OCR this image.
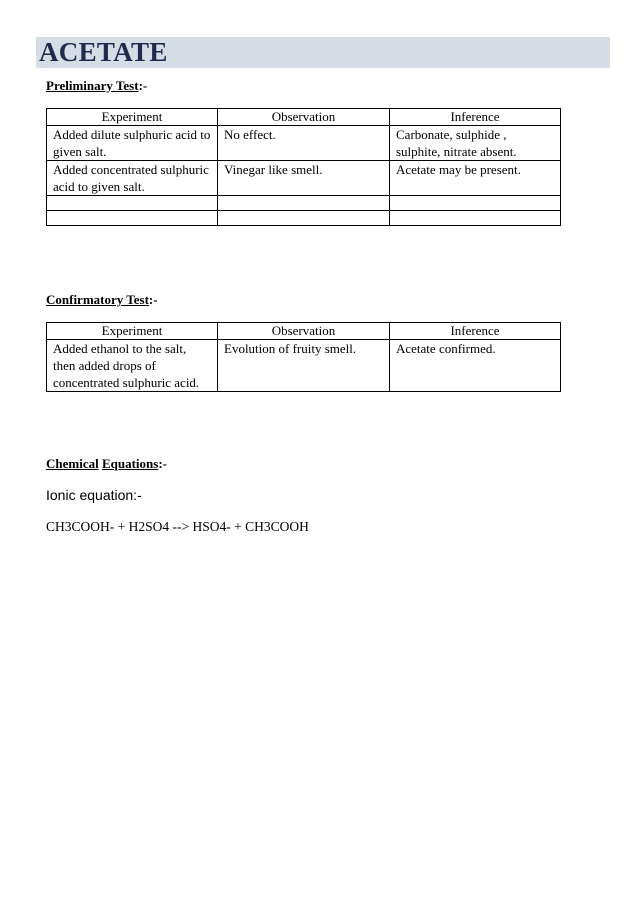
ACETATE
Preliminary Test:-
Experiment	Observation	Inference
Added dilute sulphuric acid to given salt.	No effect.	Carbonate, sulphide , sulphite, nitrate absent.
Added concentrated sulphuric acid to given salt.	Vinegar like smell.	Acetate may be present.

Confirmatory Test:-
Experiment	Observation	Inference
Added ethanol to the salt, then added drops of concentrated sulphuric acid.	Evolution of fruity smell.	Acetate confirmed.
Chemical Equations:-
Ionic equation:-
CH3COOH- + H2SO4 --> HSO4- + CH3COOH
